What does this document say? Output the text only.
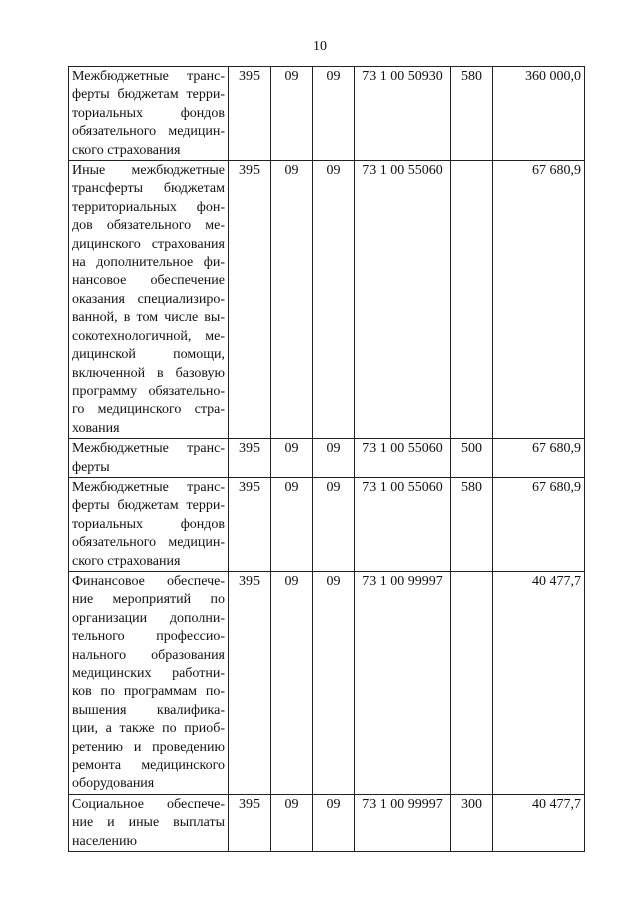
10
Межбюджетные транс- ферты бюджетам терри- ториальных фондов обязательного медицин- ского страхования	395	09	09	73 1 00 50930	580	360 000,0
Иные межбюджетные трансферты бюджетам территориальных фон- дов обязательного ме- дицинского страхования на дополнительное фи- нансовое обеспечение оказания специализиро- ванной, в том числе вы- сокотехнологичной, ме- дицинской помощи, включенной в базовую программу обязательно- го медицинского стра- хования	395	09	09	73 1 00 55060		67 680,9
Межбюджетные транс- ферты	395	09	09	73 1 00 55060	500	67 680,9
Межбюджетные транс- ферты бюджетам терри- ториальных фондов обязательного медицин- ского страхования	395	09	09	73 1 00 55060	580	67 680,9
Финансовое обеспече- ние мероприятий по организации дополни- тельного профессио- нального образования медицинских работни- ков по программам по- вышения квалифика- ции, а также по приоб- ретению и проведению ремонта медицинского оборудования	395	09	09	73 1 00 99997		40 477,7
Социальное обеспече- ние и иные выплаты населению	395	09	09	73 1 00 99997	300	40 477,7
